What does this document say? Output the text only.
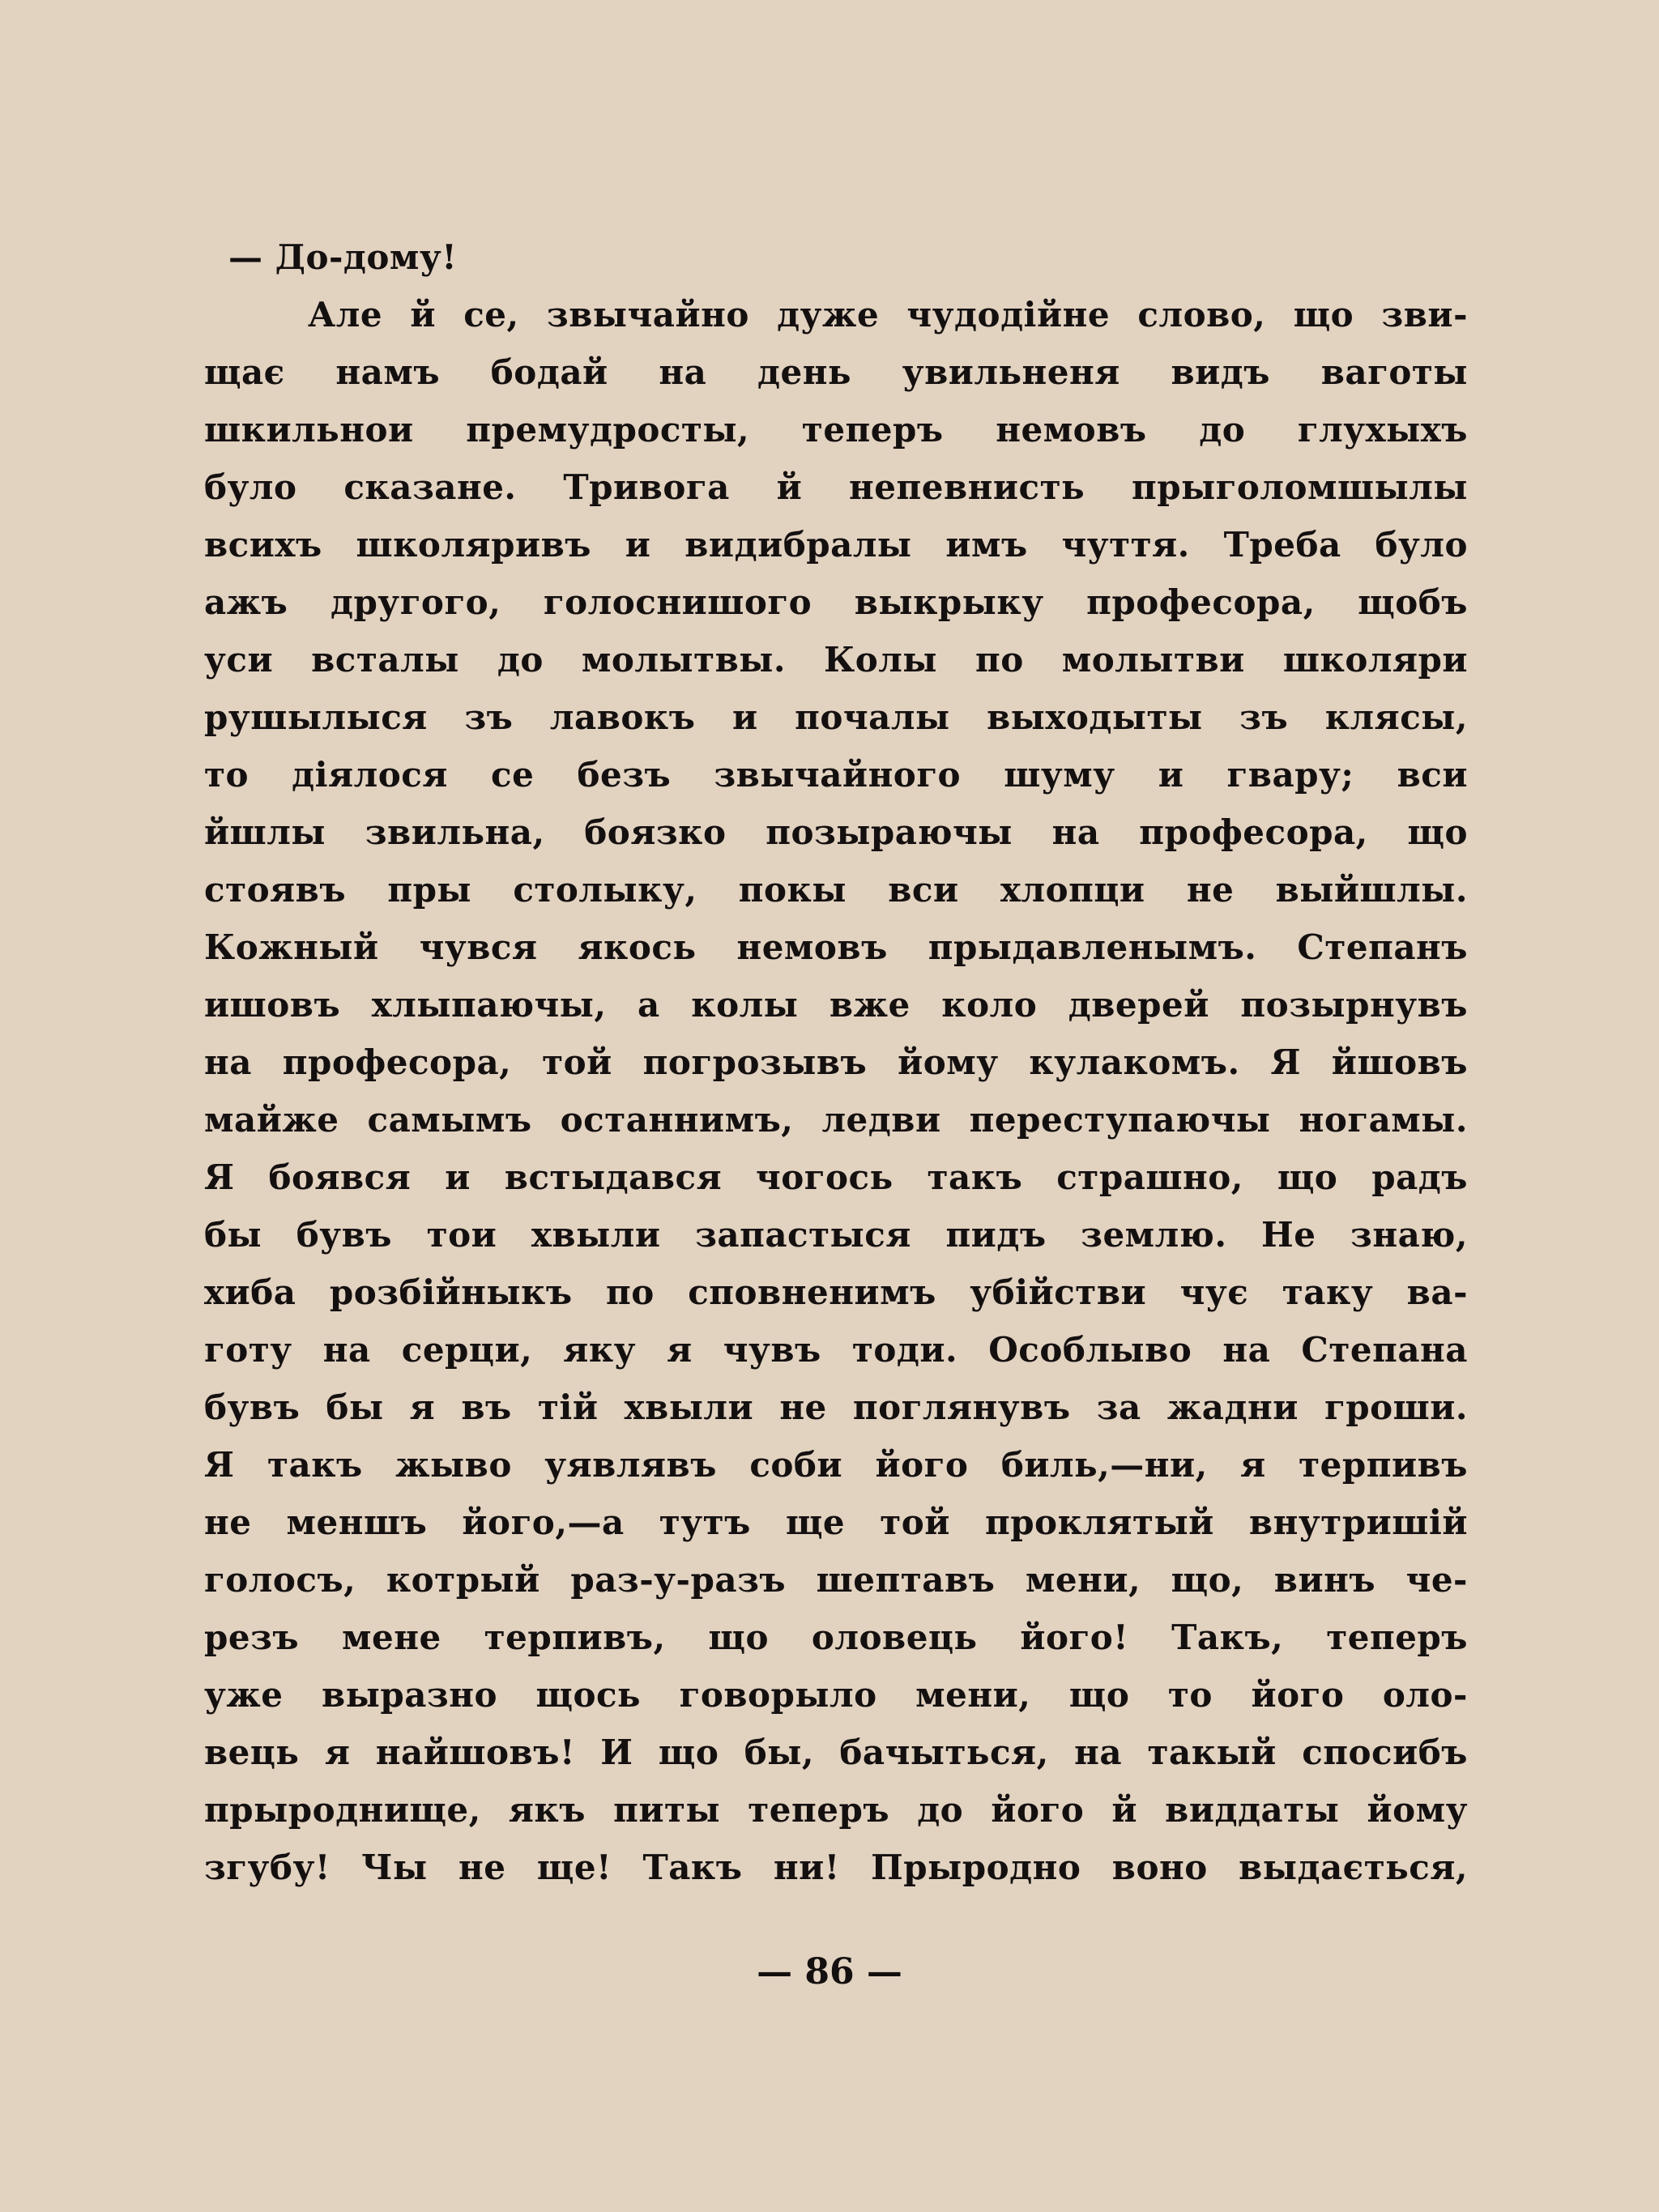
— До-дому!
Але й се, звычайно дуже чудодійне слово, що зви-
щає намъ бодай на день увильненя видъ ваготы
шкильнои премудросты, теперъ немовъ до глухыхъ
було сказане. Тривога й непевнисть прыголомшылы
всихъ школяривъ и видибралы имъ чуття. Треба було
ажъ другого, голоснишого выкрыку професора, щобъ
уси всталы до молытвы. Колы по молытви школяри
рушылыся зъ лавокъ и почалы выходыты зъ клясы,
то діялося се безъ звычайного шуму и гвару; вси
йшлы звильна, боязко позыраючы на професора, що
стоявъ пры столыку, покы вси хлопци не выйшлы.
Кожный чувся якось немовъ прыдавленымъ. Степанъ
ишовъ хлыпаючы, а колы вже коло дверей позырнувъ
на професора, той погрозывъ йому кулакомъ. Я йшовъ
майже самымъ останнимъ, ледви переступаючы ногамы.
Я боявся и встыдався чогось такъ страшно, що радъ
бы бувъ тои хвыли запастыся пидъ землю. Не знаю,
хиба розбійныкъ по сповненимъ убійстви чує таку ва-
готу на серци, яку я чувъ тоди. Особлыво на Степана
бувъ бы я въ тій хвыли не поглянувъ за жадни гроши.
Я такъ жыво уявлявъ соби його биль,—ни, я терпивъ
не меншъ його,—а тутъ ще той проклятый внутришій
голосъ, котрый раз-у-разъ шептавъ мени, що, винъ че-
резъ мене терпивъ, що оловець його! Такъ, теперъ
уже выразно щось говорыло мени, що то його оло-
вець я найшовъ! И що бы, бачыться, на такый спосибъ
прыроднище, якъ питы теперъ до його й виддаты йому
згубу! Чы не ще! Такъ ни! Прыродно воно выдається,
— 86 —
